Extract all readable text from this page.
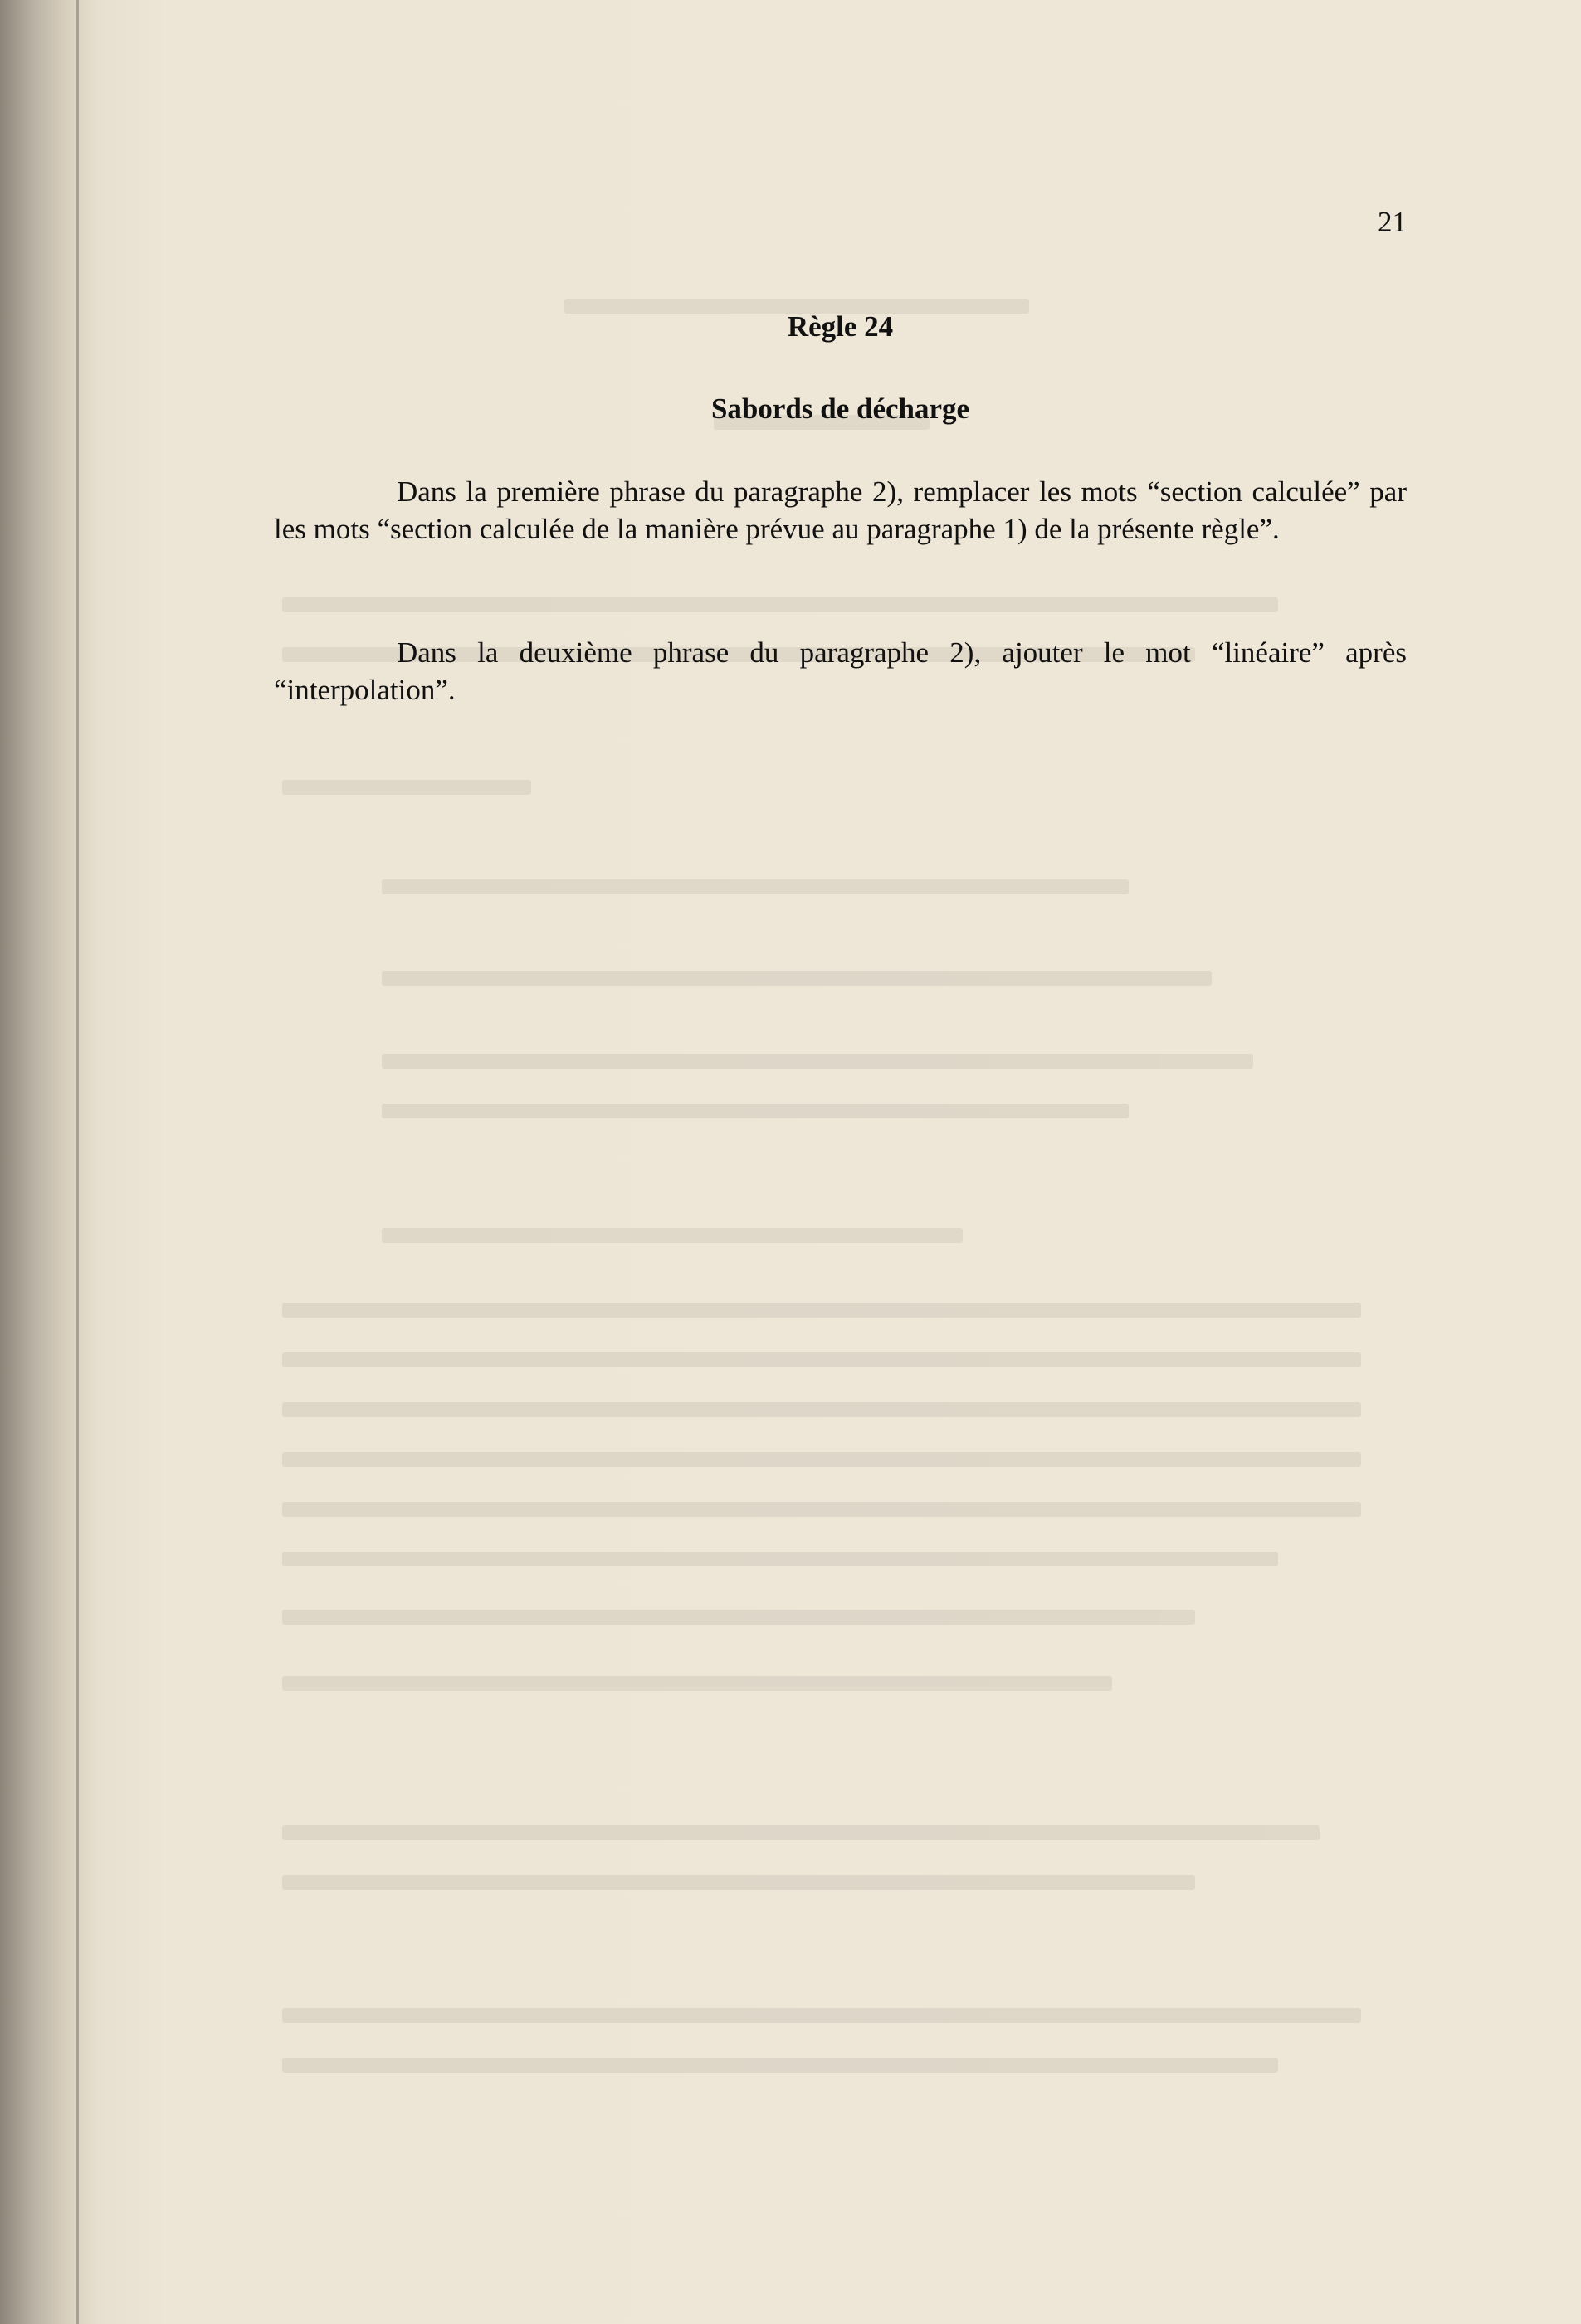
21
Règle 24
Sabords de décharge

Dans la première phrase du paragraphe 2), remplacer les mots “section calculée” par les mots “section calculée de la manière prévue au paragraphe 1) de la présente règle”.

Dans la deuxième phrase du paragraphe 2), ajouter le mot “linéaire” après “interpolation”.
